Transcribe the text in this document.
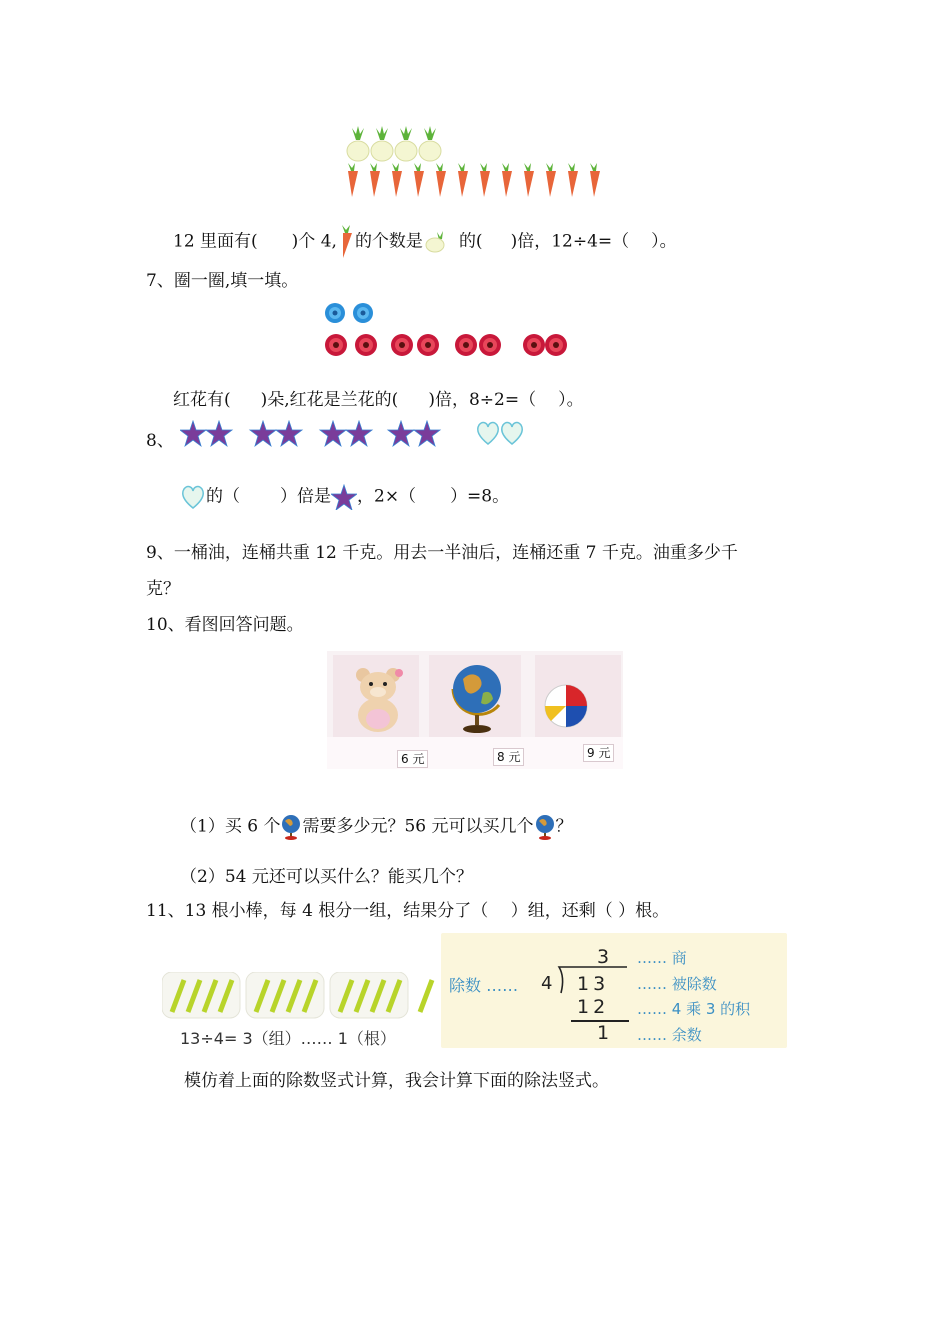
12 里面有( )个 4, 的个数是 的( )倍，12÷4=（ ）。
7、圈一圈,填一填。
红花有( )朵,红花是兰花的( )倍，8÷2=（ ）。
8、
的（ ）倍是 ，2×（ ）=8。
9、一桶油，连桶共重 12 千克。用去一半油后，连桶还重 7 千克。油重多少千
克？
10、看图回答问题。
6 元	8 元	9 元
（1）买 6 个 需要多少元？56 元可以买几个 ？
（2）54 元还可以买什么？能买几个？
11、13 根小棒，每 4 根分一组，结果分了（　 ）组，还剩（ ）根。
13÷4= 3（组）…… 1（根）
除数 …… 4
3
13
12
1
…… 商
…… 被除数
…… 4 乘 3 的积
…… 余数
模仿着上面的除数竖式计算，我会计算下面的除法竖式。
